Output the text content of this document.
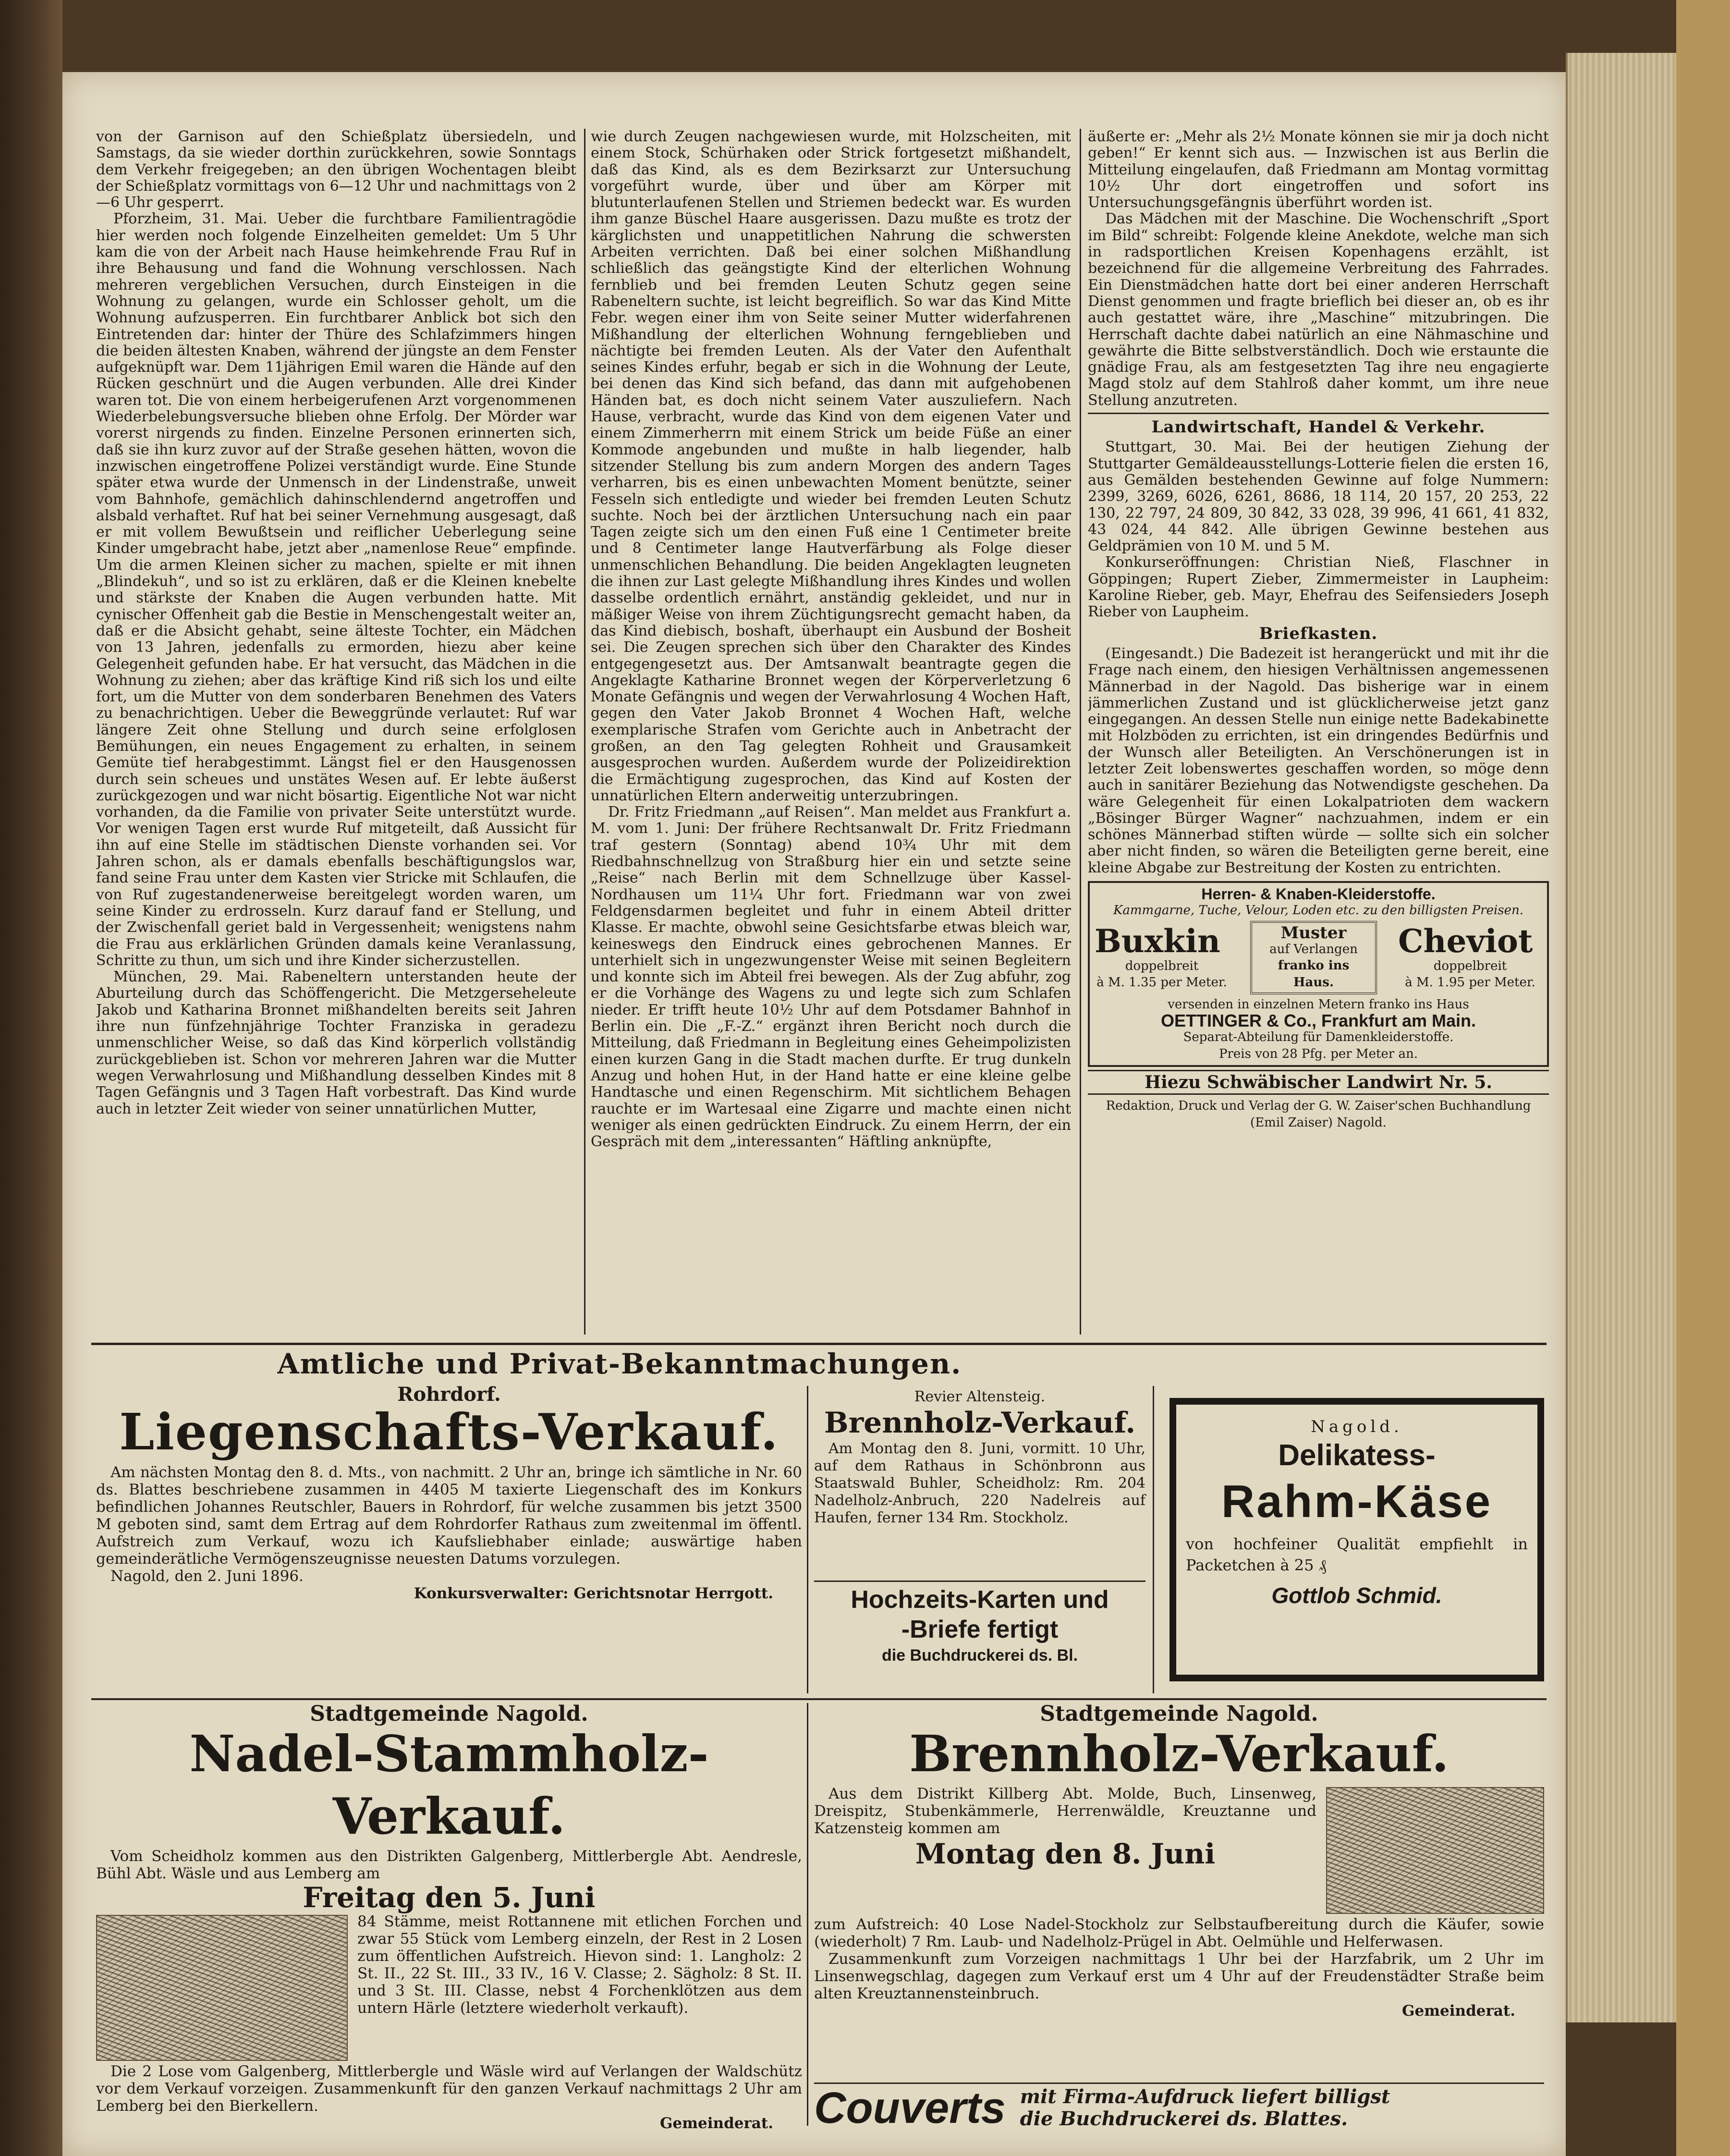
von der Garnison auf den Schießplatz übersiedeln, und Samstags, da sie wieder dorthin zurückkehren, sowie Sonntags dem Verkehr freigegeben; an den übrigen Wochentagen bleibt der Schießplatz vormittags von 6—12 Uhr und nachmittags von 2—6 Uhr gesperrt.

Pforzheim, 31. Mai. Ueber die furchtbare Familientragödie hier werden noch folgende Einzelheiten gemeldet: Um 5 Uhr kam die von der Arbeit nach Hause heimkehrende Frau Ruf in ihre Behausung und fand die Wohnung verschlossen. Nach mehreren vergeblichen Versuchen, durch Einsteigen in die Wohnung zu gelangen, wurde ein Schlosser geholt, um die Wohnung aufzusperren. Ein furchtbarer Anblick bot sich den Eintretenden dar: hinter der Thüre des Schlafzimmers hingen die beiden ältesten Knaben, während der jüngste an dem Fenster aufgeknüpft war. Dem 11jährigen Emil waren die Hände auf den Rücken geschnürt und die Augen verbunden. Alle drei Kinder waren tot. Die von einem herbeigerufenen Arzt vorgenommenen Wiederbelebungsversuche blieben ohne Erfolg. Der Mörder war vorerst nirgends zu finden. Einzelne Personen erinnerten sich, daß sie ihn kurz zuvor auf der Straße gesehen hätten, wovon die inzwischen eingetroffene Polizei verständigt wurde. Eine Stunde später etwa wurde der Unmensch in der Lindenstraße, unweit vom Bahnhofe, gemächlich dahinschlendernd angetroffen und alsbald verhaftet. Ruf hat bei seiner Vernehmung ausgesagt, daß er mit vollem Bewußtsein und reiflicher Ueberlegung seine Kinder umgebracht habe, jetzt aber „namenlose Reue“ empfinde. Um die armen Kleinen sicher zu machen, spielte er mit ihnen „Blindekuh“, und so ist zu erklären, daß er die Kleinen knebelte und stärkste der Knaben die Augen verbunden hatte. Mit cynischer Offenheit gab die Bestie in Menschengestalt weiter an, daß er die Absicht gehabt, seine älteste Tochter, ein Mädchen von 13 Jahren, jedenfalls zu ermorden, hiezu aber keine Gelegenheit gefunden habe. Er hat versucht, das Mädchen in die Wohnung zu ziehen; aber das kräftige Kind riß sich los und eilte fort, um die Mutter von dem sonderbaren Benehmen des Vaters zu benachrichtigen. Ueber die Beweggründe verlautet: Ruf war längere Zeit ohne Stellung und durch seine erfolglosen Bemühungen, ein neues Engagement zu erhalten, in seinem Gemüte tief herabgestimmt. Längst fiel er den Hausgenossen durch sein scheues und unstätes Wesen auf. Er lebte äußerst zurückgezogen und war nicht bösartig. Eigentliche Not war nicht vorhanden, da die Familie von privater Seite unterstützt wurde. Vor wenigen Tagen erst wurde Ruf mitgeteilt, daß Aussicht für ihn auf eine Stelle im städtischen Dienste vorhanden sei. Vor Jahren schon, als er damals ebenfalls beschäftigungslos war, fand seine Frau unter dem Kasten vier Stricke mit Schlaufen, die von Ruf zugestandenerweise bereitgelegt worden waren, um seine Kinder zu erdrosseln. Kurz darauf fand er Stellung, und der Zwischenfall geriet bald in Vergessenheit; wenigstens nahm die Frau aus erklärlichen Gründen damals keine Veranlassung, Schritte zu thun, um sich und ihre Kinder sicherzustellen.

München, 29. Mai. Rabeneltern unterstanden heute der Aburteilung durch das Schöffengericht. Die Metzgerseheleute Jakob und Katharina Bronnet mißhandelten bereits seit Jahren ihre nun fünfzehnjährige Tochter Franziska in geradezu unmenschlicher Weise, so daß das Kind körperlich vollständig zurückgeblieben ist. Schon vor mehreren Jahren war die Mutter wegen Verwahrlosung und Mißhandlung desselben Kindes mit 8 Tagen Gefängnis und 3 Tagen Haft vorbestraft. Das Kind wurde auch in letzter Zeit wieder von seiner unnatürlichen Mutter,

wie durch Zeugen nachgewiesen wurde, mit Holzscheiten, mit einem Stock, Schürhaken oder Strick fortgesetzt mißhandelt, daß das Kind, als es dem Bezirksarzt zur Untersuchung vorgeführt wurde, über und über am Körper mit blutunterlaufenen Stellen und Striemen bedeckt war. Es wurden ihm ganze Büschel Haare ausgerissen. Dazu mußte es trotz der kärglichsten und unappetitlichen Nahrung die schwersten Arbeiten verrichten. Daß bei einer solchen Mißhandlung schließlich das geängstigte Kind der elterlichen Wohnung fernblieb und bei fremden Leuten Schutz gegen seine Rabeneltern suchte, ist leicht begreiflich. So war das Kind Mitte Febr. wegen einer ihm von Seite seiner Mutter widerfahrenen Mißhandlung der elterlichen Wohnung ferngeblieben und nächtigte bei fremden Leuten. Als der Vater den Aufenthalt seines Kindes erfuhr, begab er sich in die Wohnung der Leute, bei denen das Kind sich befand, das dann mit aufgehobenen Händen bat, es doch nicht seinem Vater auszuliefern. Nach Hause, verbracht, wurde das Kind von dem eigenen Vater und einem Zimmerherrn mit einem Strick um beide Füße an einer Kommode angebunden und mußte in halb liegender, halb sitzender Stellung bis zum andern Morgen des andern Tages verharren, bis es einen unbewachten Moment benützte, seiner Fesseln sich entledigte und wieder bei fremden Leuten Schutz suchte. Noch bei der ärztlichen Untersuchung nach ein paar Tagen zeigte sich um den einen Fuß eine 1 Centimeter breite und 8 Centimeter lange Hautverfärbung als Folge dieser unmenschlichen Behandlung. Die beiden Angeklagten leugneten die ihnen zur Last gelegte Mißhandlung ihres Kindes und wollen dasselbe ordentlich ernährt, anständig gekleidet, und nur in mäßiger Weise von ihrem Züchtigungsrecht gemacht haben, da das Kind diebisch, boshaft, überhaupt ein Ausbund der Bosheit sei. Die Zeugen sprechen sich über den Charakter des Kindes entgegengesetzt aus. Der Amtsanwalt beantragte gegen die Angeklagte Katharine Bronnet wegen der Körperverletzung 6 Monate Gefängnis und wegen der Verwahrlosung 4 Wochen Haft, gegen den Vater Jakob Bronnet 4 Wochen Haft, welche exemplarische Strafen vom Gerichte auch in Anbetracht der großen, an den Tag gelegten Rohheit und Grausamkeit ausgesprochen wurden. Außerdem wurde der Polizeidirektion die Ermächtigung zugesprochen, das Kind auf Kosten der unnatürlichen Eltern anderweitig unterzubringen.

Dr. Fritz Friedmann „auf Reisen“. Man meldet aus Frankfurt a. M. vom 1. Juni: Der frühere Rechtsanwalt Dr. Fritz Friedmann traf gestern (Sonntag) abend 10¾ Uhr mit dem Riedbahnschnellzug von Straßburg hier ein und setzte seine „Reise“ nach Berlin mit dem Schnellzuge über Kassel-Nordhausen um 11¼ Uhr fort. Friedmann war von zwei Feldgensdarmen begleitet und fuhr in einem Abteil dritter Klasse. Er machte, obwohl seine Gesichtsfarbe etwas bleich war, keineswegs den Eindruck eines gebrochenen Mannes. Er unterhielt sich in ungezwungenster Weise mit seinen Begleitern und konnte sich im Abteil frei bewegen. Als der Zug abfuhr, zog er die Vorhänge des Wagens zu und legte sich zum Schlafen nieder. Er trifft heute 10½ Uhr auf dem Potsdamer Bahnhof in Berlin ein. Die „F.-Z.“ ergänzt ihren Bericht noch durch die Mitteilung, daß Friedmann in Begleitung eines Geheimpolizisten einen kurzen Gang in die Stadt machen durfte. Er trug dunkeln Anzug und hohen Hut, in der Hand hatte er eine kleine gelbe Handtasche und einen Regenschirm. Mit sichtlichem Behagen rauchte er im Wartesaal eine Zigarre und machte einen nicht weniger als einen gedrückten Eindruck. Zu einem Herrn, der ein Gespräch mit dem „interessanten“ Häftling anknüpfte,

äußerte er: „Mehr als 2½ Monate können sie mir ja doch nicht geben!“ Er kennt sich aus. — Inzwischen ist aus Berlin die Mitteilung eingelaufen, daß Friedmann am Montag vormittag 10½ Uhr dort eingetroffen und sofort ins Untersuchungsgefängnis überführt worden ist.

Das Mädchen mit der Maschine. Die Wochenschrift „Sport im Bild“ schreibt: Folgende kleine Anekdote, welche man sich in radsportlichen Kreisen Kopenhagens erzählt, ist bezeichnend für die allgemeine Verbreitung des Fahrrades. Ein Dienstmädchen hatte dort bei einer anderen Herrschaft Dienst genommen und fragte brieflich bei dieser an, ob es ihr auch gestattet wäre, ihre „Maschine“ mitzubringen. Die Herrschaft dachte dabei natürlich an eine Nähmaschine und gewährte die Bitte selbstverständlich. Doch wie erstaunte die gnädige Frau, als am festgesetzten Tag ihre neu engagierte Magd stolz auf dem Stahlroß daher kommt, um ihre neue Stellung anzutreten.

Landwirtschaft, Handel & Verkehr.

Stuttgart, 30. Mai. Bei der heutigen Ziehung der Stuttgarter Gemäldeausstellungs-Lotterie fielen die ersten 16, aus Gemälden bestehenden Gewinne auf folge Nummern: 2399, 3269, 6026, 6261, 8686, 18 114, 20 157, 20 253, 22 130, 22 797, 24 809, 30 842, 33 028, 39 996, 41 661, 41 832, 43 024, 44 842. Alle übrigen Gewinne bestehen aus Geldprämien von 10 M. und 5 M.

Konkurseröffnungen: Christian Nieß, Flaschner in Göppingen; Rupert Zieber, Zimmermeister in Laupheim: Karoline Rieber, geb. Mayr, Ehefrau des Seifensieders Joseph Rieber von Laupheim.

Briefkasten.

(Eingesandt.) Die Badezeit ist herangerückt und mit ihr die Frage nach einem, den hiesigen Verhältnissen angemessenen Männerbad in der Nagold. Das bisherige war in einem jämmerlichen Zustand und ist glücklicherweise jetzt ganz eingegangen. An dessen Stelle nun einige nette Badekabinette mit Holzböden zu errichten, ist ein dringendes Bedürfnis und der Wunsch aller Beteiligten. An Verschönerungen ist in letzter Zeit lobenswertes geschaffen worden, so möge denn auch in sanitärer Beziehung das Notwendigste geschehen. Da wäre Gelegenheit für einen Lokalpatrioten dem wackern „Bösinger Bürger Wagner“ nachzuahmen, indem er ein schönes Männerbad stiften würde — sollte sich ein solcher aber nicht finden, so wären die Beteiligten gerne bereit, eine kleine Abgabe zur Bestreitung der Kosten zu entrichten.

Herren- & Knaben-Kleiderstoffe.
Kammgarne, Tuche, Velour, Loden etc. zu den billigsten Preisen.
Buxkin
doppelbreit
à M. 1.35 per Meter.
Muster
auf Verlangen
franko ins Haus.
Cheviot
doppelbreit
à M. 1.95 per Meter.
versenden in einzelnen Metern franko ins Haus
OETTINGER & Co., Frankfurt am Main.
Separat-Abteilung für Damenkleiderstoffe.
Preis von 28 Pfg. per Meter an.
Hiezu Schwäbischer Landwirt Nr. 5.
Redaktion, Druck und Verlag der G. W. Zaiser'schen Buchhandlung (Emil Zaiser) Nagold.
Amtliche und Privat-Bekanntmachungen.
Rohrdorf.
Liegenschafts-Verkauf.
Am nächsten Montag den 8. d. Mts., von nachmitt. 2 Uhr an, bringe ich sämtliche in Nr. 60 ds. Blattes beschriebene zusammen in 4405 M taxierte Liegenschaft des im Konkurs befindlichen Johannes Reutschler, Bauers in Rohrdorf, für welche zusammen bis jetzt 3500 M geboten sind, samt dem Ertrag auf dem Rohrdorfer Rathaus zum zweitenmal im öffentl. Aufstreich zum Verkauf, wozu ich Kaufsliebhaber einlade; auswärtige haben gemeinderätliche Vermögenszeugnisse neuesten Datums vorzulegen.
Nagold, den 2. Juni 1896.
Konkursverwalter: Gerichtsnotar Herrgott.
Revier Altensteig.
Brennholz-Verkauf.
Am Montag den 8. Juni, vormitt. 10 Uhr, auf dem Rathaus in Schönbronn aus Staatswald Buhler, Scheidholz: Rm. 204 Nadelholz-Anbruch, 220 Nadelreis auf Haufen, ferner 134 Rm. Stockholz.
Hochzeits-Karten und
-Briefe fertigt
die Buchdruckerei ds. Bl.
Nagold.
Delikatess-
Rahm-Käse
von hochfeiner Qualität empfiehlt in Packetchen à 25 ₰
Gottlob Schmid.
Stadtgemeinde Nagold.
Nadel-Stammholz-Verkauf.
Vom Scheidholz kommen aus den Distrikten Galgenberg, Mittlerbergle Abt. Aendresle, Bühl Abt. Wäsle und aus Lemberg am
Freitag den 5. Juni
84 Stämme, meist Rottannene mit etlichen Forchen und zwar 55 Stück vom Lemberg einzeln, der Rest in 2 Losen zum öffentlichen Aufstreich. Hievon sind: 1. Langholz: 2 St. II., 22 St. III., 33 IV., 16 V. Classe; 2. Sägholz: 8 St. II. und 3 St. III. Classe, nebst 4 Forchenklötzen aus dem untern Härle (letztere wiederholt verkauft).
Die 2 Lose vom Galgenberg, Mittlerbergle und Wäsle wird auf Verlangen der Waldschütz vor dem Verkauf vorzeigen. Zusammenkunft für den ganzen Verkauf nachmittags 2 Uhr am Lemberg bei den Bierkellern.
Gemeinderat.
Stadtgemeinde Nagold.
Brennholz-Verkauf.
Aus dem Distrikt Killberg Abt. Molde, Buch, Linsenweg, Dreispitz, Stubenkämmerle, Herrenwäldle, Kreuztanne und Katzensteig kommen am
Montag den 8. Juni
zum Aufstreich: 40 Lose Nadel-Stockholz zur Selbstaufbereitung durch die Käufer, sowie (wiederholt) 7 Rm. Laub- und Nadelholz-Prügel in Abt. Oelmühle und Helferwasen.
Zusammenkunft zum Vorzeigen nachmittags 1 Uhr bei der Harzfabrik, um 2 Uhr im Linsenwegschlag, dagegen zum Verkauf erst um 4 Uhr auf der Freudenstädter Straße beim alten Kreuztannensteinbruch.
Gemeinderat.
Couverts mit Firma-Aufdruck liefert billigst
die Buchdruckerei ds. Blattes.
